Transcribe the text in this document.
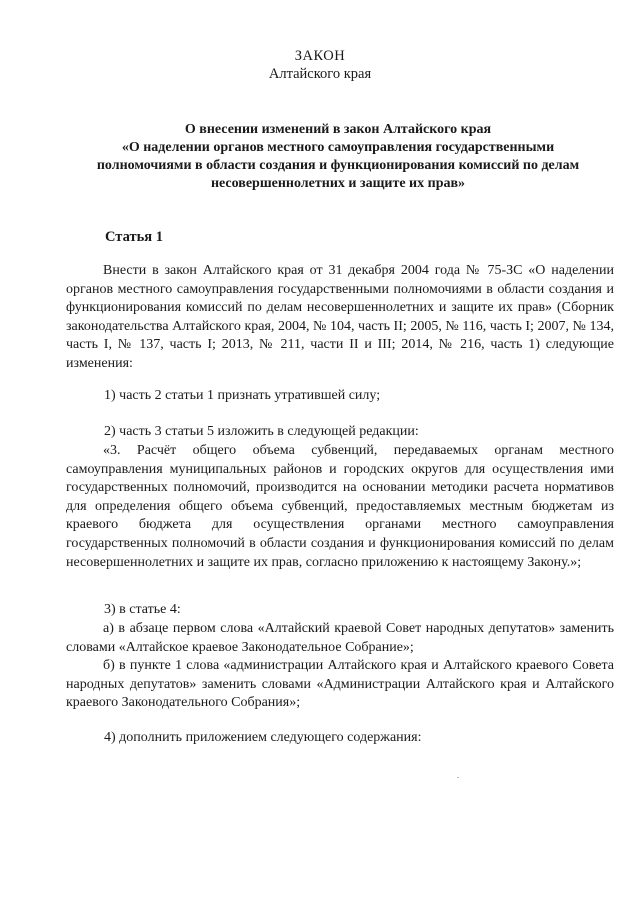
ЗАКОН
Алтайского края
О внесении изменений в закон Алтайского края
«О наделении органов местного самоуправления государственными
полномочиями в области создания и функционирования комиссий по делам
несовершеннолетних и защите их прав»
Статья 1
Внести в закон Алтайского края от 31 декабря 2004 года № 75-ЗС «О наделении органов местного самоуправления государственными полномочиями в области создания и функционирования комиссий по делам несовершеннолетних и защите их прав» (Сборник законодательства Алтайского края, 2004, № 104, часть II; 2005, № 116, часть I; 2007, № 134, часть I, № 137, часть I; 2013, № 211, части II и III; 2014, № 216, часть 1) следующие изменения:
1) часть 2 статьи 1 признать утратившей силу;
2) часть 3 статьи 5 изложить в следующей редакции:
«3. Расчёт общего объема субвенций, передаваемых органам местного самоуправления муниципальных районов и городских округов для осуществления ими государственных полномочий, производится на основании методики расчета нормативов для определения общего объема субвенций, предоставляемых местным бюджетам из краевого бюджета для осуществления органами местного самоуправления государственных полномочий в области создания и функционирования комиссий по делам несовершеннолетних и защите их прав, согласно приложению к настоящему Закону.»;
3) в статье 4:
а) в абзаце первом слова «Алтайский краевой Совет народных депутатов» заменить словами «Алтайское краевое Законодательное Собрание»;
б) в пункте 1 слова «администрации Алтайского края и Алтайского краевого Совета народных депутатов» заменить словами «Администрации Алтайского края и Алтайского краевого Законодательного Собрания»;
4) дополнить приложением следующего содержания:
